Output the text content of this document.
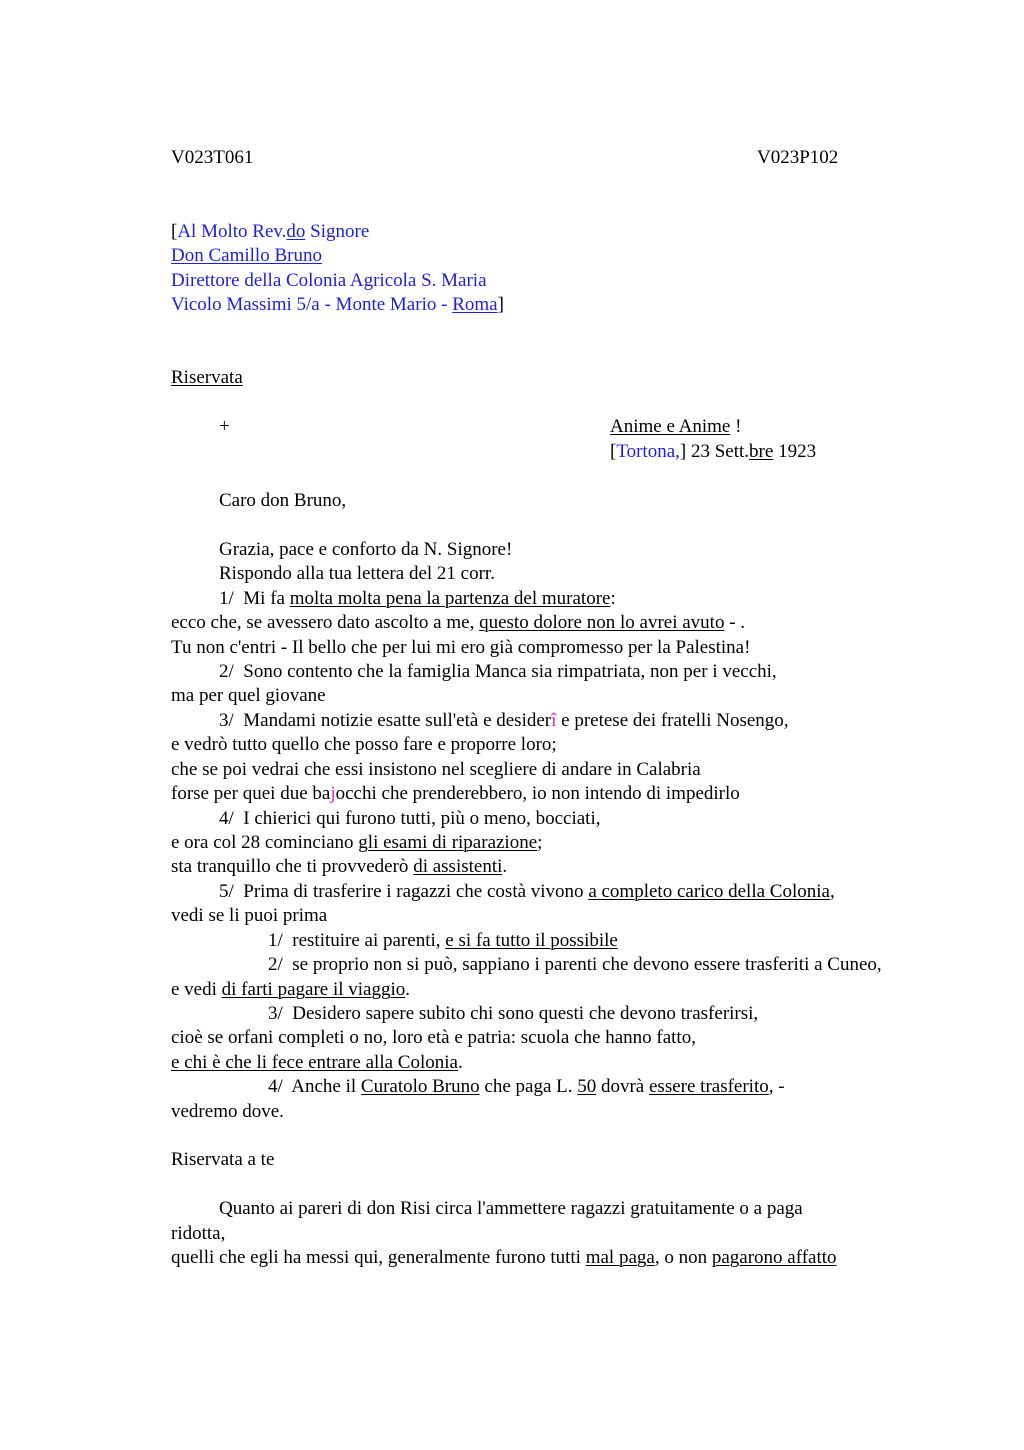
V023T061	V023P102
[Al Molto Rev.do Signore
Don Camillo Bruno
Direttore della Colonia Agricola S. Maria
Vicolo Massimi 5/a - Monte Mario - Roma]
Riservata
+	Anime e Anime !
[Tortona,] 23 Sett.bre 1923
Caro don Bruno,
Grazia, pace e conforto da N. Signore!
Rispondo alla tua lettera del 21 corr.
1/  Mi fa molta molta pena la partenza del muratore:
ecco che, se avessero dato ascolto a me, questo dolore non lo avrei avuto - .
Tu non c'entri - Il bello che per lui mi ero già compromesso per la Palestina!
2/  Sono contento che la famiglia Manca sia rimpatriata, non per i vecchi,
ma per quel giovane
3/  Mandami notizie esatte sull'età e desiderî e pretese dei fratelli Nosengo,
e vedrò tutto quello che posso fare e proporre loro;
che se poi vedrai che essi insistono nel scegliere di andare in Calabria
forse per quei due bajocchi che prenderebbero, io non intendo di impedirlo
4/  I chierici qui furono tutti, più o meno, bocciati,
e ora col 28 cominciano gli esami di riparazione;
sta tranquillo che ti provvederò di assistenti.
5/  Prima di trasferire i ragazzi che costà vivono a completo carico della Colonia,
vedi se li puoi prima
1/  restituire ai parenti, e si fa tutto il possibile
2/  se proprio non si può, sappiano i parenti che devono essere trasferiti a Cuneo,
e vedi di farti pagare il viaggio.
3/  Desidero sapere subito chi sono questi che devono trasferirsi,
cioè se orfani completi o no, loro età e patria: scuola che hanno fatto,
e chi è che li fece entrare alla Colonia.
4/  Anche il Curatolo Bruno che paga L. 50 dovrà essere trasferito, -
vedremo dove.
Riservata a te
Quanto ai pareri di don Risi circa l'ammettere ragazzi gratuitamente o a paga
ridotta,
quelli che egli ha messi qui, generalmente furono tutti mal paga, o non pagarono affatto
